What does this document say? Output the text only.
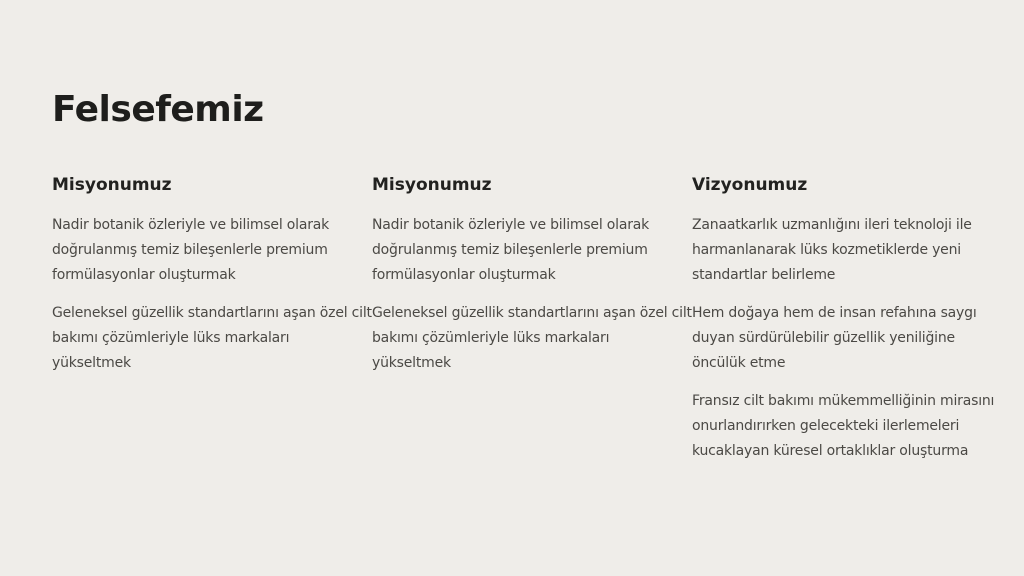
Felsefemiz
Misyonumuz

Nadir botanik özleriyle ve bilimsel olarak doğrulanmış temiz bileşenlerle premium formülasyonlar oluşturmak

Geleneksel güzellik standartlarını aşan özel cilt bakımı çözümleriyle lüks markaları yükseltmek

Misyonumuz

Nadir botanik özleriyle ve bilimsel olarak doğrulanmış temiz bileşenlerle premium formülasyonlar oluşturmak

Geleneksel güzellik standartlarını aşan özel cilt bakımı çözümleriyle lüks markaları yükseltmek

Vizyonumuz

Zanaatkarlık uzmanlığını ileri teknoloji ile harmanlanarak lüks kozmetiklerde yeni standartlar belirleme

Hem doğaya hem de insan refahına saygı duyan sürdürülebilir güzellik yeniliğine öncülük etme

Fransız cilt bakımı mükemmelliğinin mirasını onurlandırırken gelecekteki ilerlemeleri kucaklayan küresel ortaklıklar oluşturma
